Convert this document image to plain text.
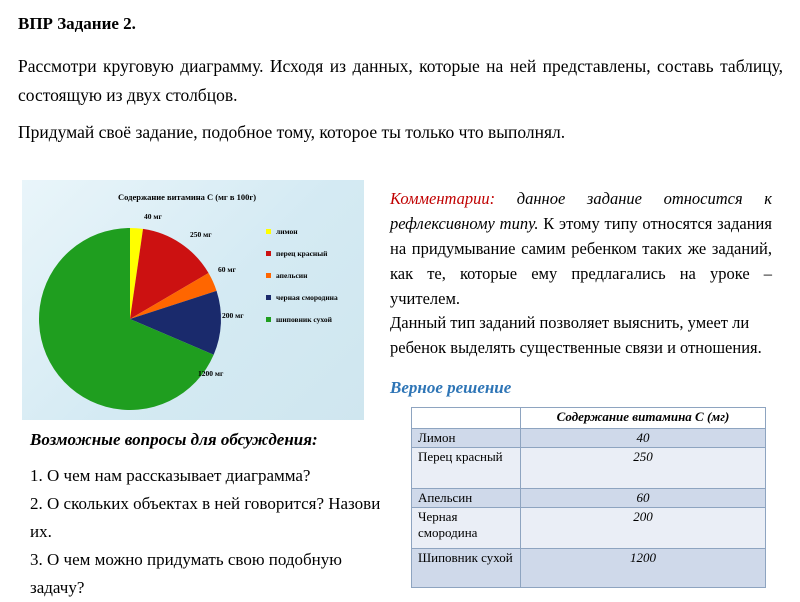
ВПР Задание 2.
Рассмотри круговую диаграмму. Исходя из данных, которые на ней представлены, составь таблицу, состоящую из двух столбцов.
Придумай своё задание, подобное тому, которое ты только что выполнял.
Содержание витамина С (мг в 100г)
40 мг
250 мг
60 мг
200 мг
1200 мг
лимон
перец красный
апельсин
черная смородина
шиповник сухой
Комментарии: данное задание относится к рефлексивному типу. К этому типу относятся задания на придумывание самим ребенком таких же заданий, как те, которые ему предлагались на уроке – учителем.
Данный тип заданий позволяет выяснить, умеет ли ребенок выделять существенные связи и отношения.
Верное решение
Возможные вопросы для обсуждения:
1. О чем нам рассказывает диаграмма?
2. О скольких объектах в ней говорится? Назови их.
3. О чем можно придумать свою подобную задачу?
	Содержание витамина С (мг)
Лимон	40
Перец красный	250
Апельсин	60
Черная смородина	200
Шиповник сухой	1200
